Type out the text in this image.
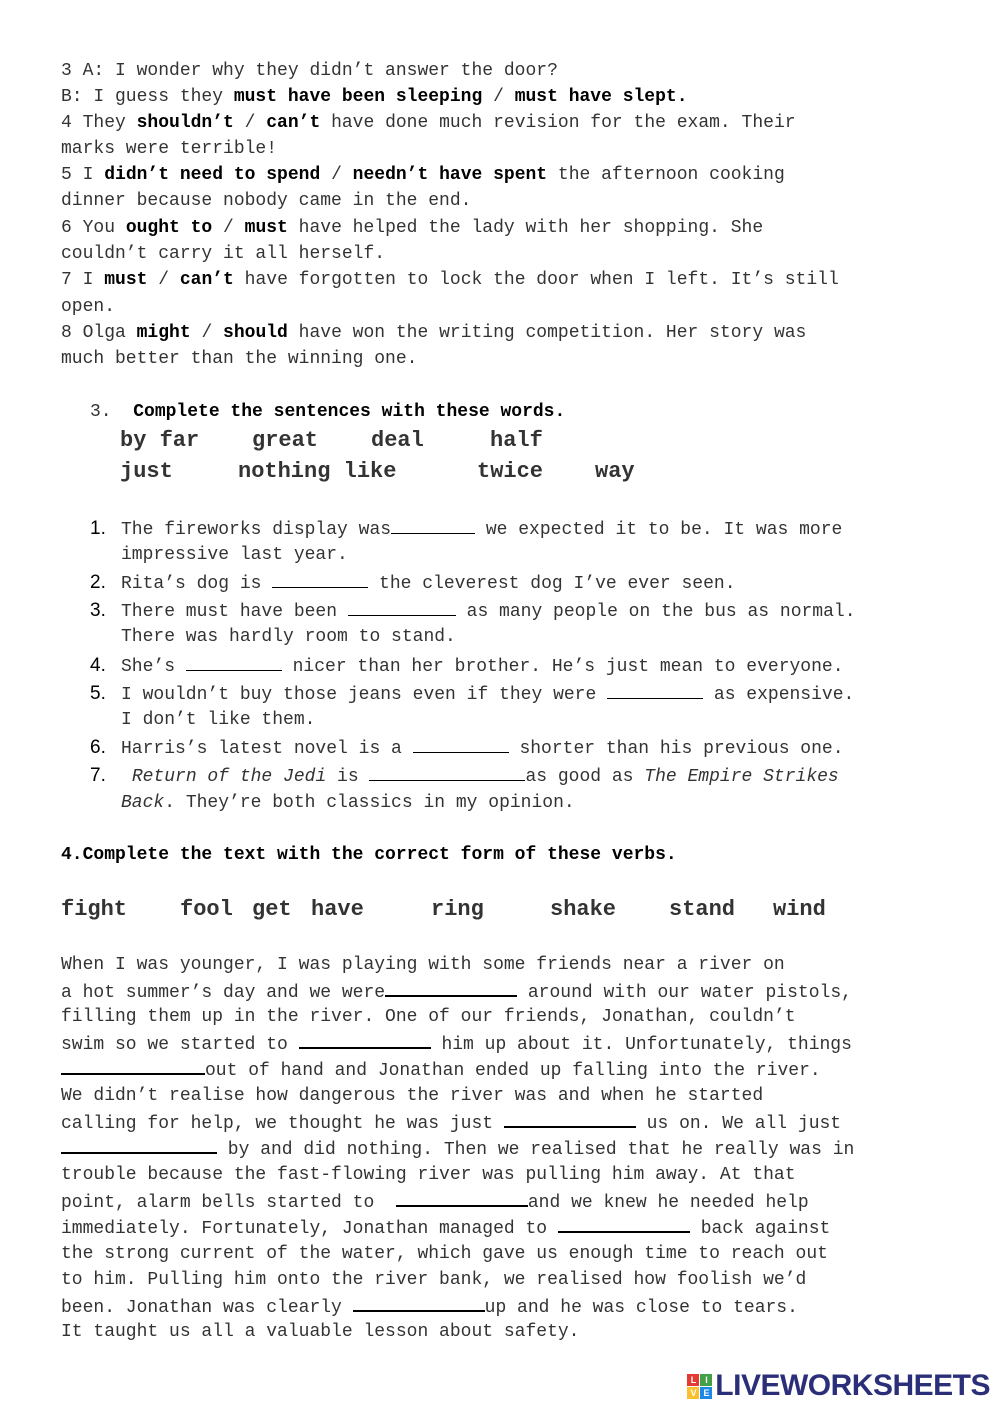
3 A: I wonder why they didn’t answer the door?
B: I guess they must have been sleeping / must have slept.
4 They shouldn’t / can’t have done much revision for the exam. Their
marks were terrible!
5 I didn’t need to spend / needn’t have spent the afternoon cooking
dinner because nobody came in the end.
6 You ought to / must have helped the lady with her shopping. She
couldn’t carry it all herself.
7 I must / can’t have forgotten to lock the door when I left. It’s still
open.
8 Olga might / should have won the writing competition. Her story was
much better than the winning one.
3. Complete the sentences with these words.
by far great deal	half
just	nothing like	twice way
1. The fireworks display was	we expected it to be. It was more
impressive last year.
2. Rita’s dog is	the cleverest dog I’ve ever seen.
3. There must have been	as many people on the bus as normal.
There was hardly room to stand.
4. She’s	nicer than her brother. He’s just mean to everyone.
5. I wouldn’t buy those jeans even if they were	as expensive.
I don’t like them.
6. Harris’s latest novel is a	shorter than his previous one.
7.	Return of the Jedi is	as good as The Empire Strikes
Back. They’re both classics in my opinion.
4.Complete the text with the correct form of these verbs.
fight fool get have	ring	shake stand wind
When I was younger, I was playing with some friends near a river on
a hot summer’s day and we were	around with our water pistols,
filling them up in the river. One of our friends, Jonathan, couldn’t
swim so we started to	him up about it. Unfortunately, things
out of hand and Jonathan ended up falling into the river.
We didn’t realise how dangerous the river was and when he started
calling for help, we thought he was just	us on. We all just
by and did nothing. Then we realised that he really was in
trouble because the fast-flowing river was pulling him away. At that
point, alarm bells started to	and we knew he needed help
immediately. Fortunately, Jonathan managed to	back against
the strong current of the water, which gave us enough time to reach out
to him. Pulling him onto the river bank, we realised how foolish we’d
been. Jonathan was clearly	up and he was close to tears.
It taught us all a valuable lesson about safety.
L	I
V E LIVEWORKSHEETS
